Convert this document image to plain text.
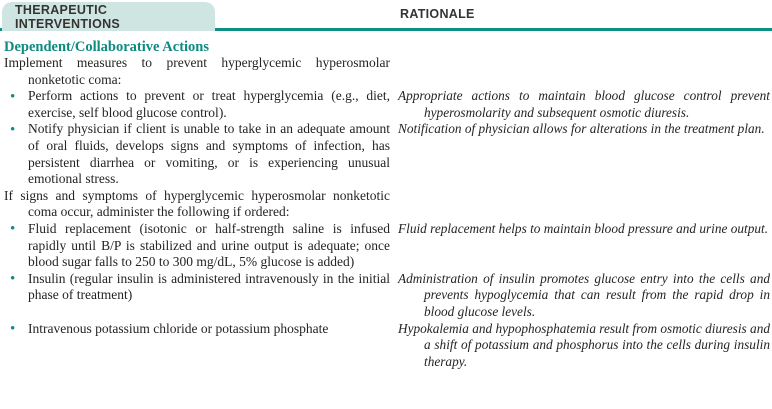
THERAPEUTIC INTERVENTIONS
RATIONALE
Dependent/Collaborative Actions

Implement measures to prevent hyperglycemic hyperosmolar nonketotic coma:

• Perform actions to prevent or treat hyperglycemia (e.g., diet, exercise, self blood glucose control).

Appropriate actions to maintain blood glucose control prevent hyperosmolarity and subsequent osmotic diuresis.

• Notify physician if client is unable to take in an adequate amount of oral fluids, develops signs and symptoms of infection, has persistent diarrhea or vomiting, or is experiencing unusual emotional stress.

Notification of physician allows for alterations in the treatment plan.

If signs and symptoms of hyperglycemic hyperosmolar nonketotic coma occur, administer the following if ordered:

• Fluid replacement (isotonic or half-strength saline is infused rapidly until B/P is stabilized and urine output is adequate; once blood sugar falls to 250 to 300 mg/dL, 5% glucose is added)

Fluid replacement helps to maintain blood pressure and urine output.

• Insulin (regular insulin is administered intravenously in the initial phase of treatment)

Administration of insulin promotes glucose entry into the cells and prevents hypoglycemia that can result from the rapid drop in blood glucose levels.

• Intravenous potassium chloride or potassium phosphate	Hypokalemia and hypophosphatemia result from osmotic diuresis and a shift of potassium and phosphorus into the cells during insulin therapy.
